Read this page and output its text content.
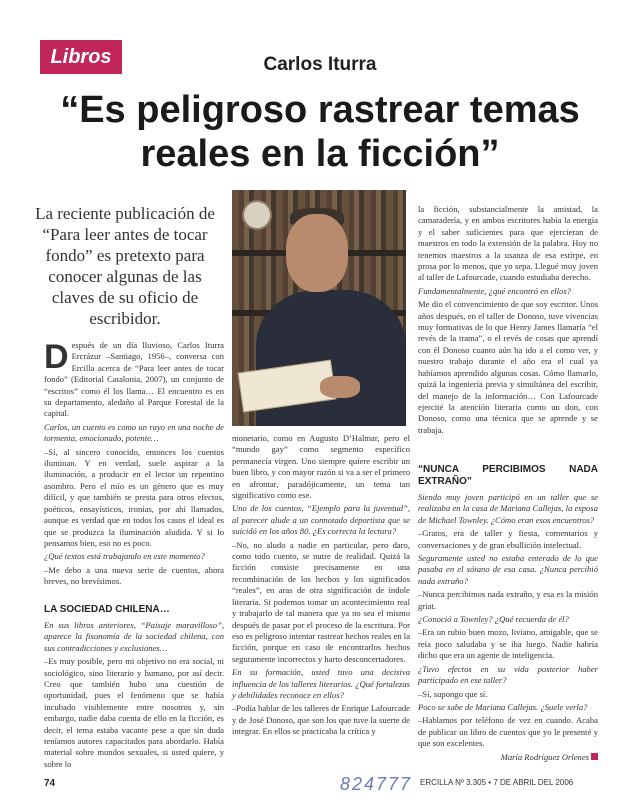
Libros	Carlos Iturra
“Es peligroso rastrear temas reales en la ficción”
La reciente publicación de “Para leer antes de tocar fondo” es pretexto para conocer algunas de las claves de su oficio de escribidor.

Después de un día lluvioso, Carlos Iturra Ercrázur –Santiago, 1956–, conversa con Ercilla acerca de “Para leer antes de tocar fondo” (Editorial Catalonia, 2007), un conjunto de “escritos” como él los llama… El encuentro es en su departamento, aledaño al Parque Forestal de la capital.

Carlos, un cuento es como un rayo en una noche de tormenta, emocionado, potente…

–Sí, al sincero conocido, entonces los cuentos iluminan. Y en verdad, suele aspirar a la iluminación, a producir en el lector un repentino asombro. Pero el mío es un género que es muy difícil, y que también se presta para otros efectos, poéticos, ensayísticos, ironías, por ahí llamados, aunque es verdad que en todos los casos el ideal es que se produzca la iluminación aludida. Y si lo pensamos bien, eso no es poco.

¿Qué textos está trabajando en este momento?

–Me debo a una nueva serie de cuentos, ahora breves, no brevísimos.

LA SOCIEDAD CHILENA…

En sus libros anteriores, “Paisaje maravilloso”, aparece la fisonomía de la sociedad chilena, con sus contradicciones y exclusiones…

–Es muy posible, pero mi objetivo no era social, ni sociológico, sino literario y humano, por así decir. Creo que también hubo una cuestión de oportunidad, pues el fenómeno que se había incubado visiblemente entre nosotros y, sin embargo, nadie daba cuenta de ello en la ficción, es decir, el tema estaba vacante pese a que sin duda teníamos autores capacitados para abordarlo. Había material sobre mundos sexuales, si usted quiere, y sobre lo

monetario, como en Augusto D’Halmar, pero el “mundo gay” como segmento específico permanecía virgen. Uno siempre quiere escribir un buen libro, y con mayor razón si va a ser el primero en afrontar, paradójicamente, un tema tan significativo como ese.

Uno de los cuentos, “Ejemplo para la juventud”, al parecer alude a un connotado deportista que se suicidó en los años 80. ¿Es correcta la lectura?

–No, no aludo a nadie en particular, pero daro, como todo cuento, se nutre de realidad. Quizá la ficción consiste precisamente en una recombinación de los hechos y los significados “reales”, en aras de otra significación de índole literaria. Si podemos tomar un acontecimiento real y trabajarlo de tal manera que ya no sea el mismo después de pasar por el proceso de la escritura. Por eso es peligroso intentar rastrear hechos reales en la ficción, porque en caso de encontrarlos hechos seguramente incorrectos y harto desconcertadores.

En su formación, usted tuvo una decisiva influencia de los talleres literarios. ¿Qué fortalezas y debilidades reconoce en ellos?

–Podía hablar de los talleres de Enrique Lafourcade y de José Donoso, que son los que tuve la suerte de integrar. En ellos se practicaba la crítica y

la ficción, substancialmente la amistad, la camaradería, y en ambos escritores había la energía y el saber suficientes para que ejercieran de maestros en todo la extensión de la palabra. Hoy no tenemos maestros a la usanza de esa estirpe, en prosa por lo menos, que yo sepa. Llegué muy joven al taller de Lafourcade, cuando estudiaba derecho.

Fundamentalmente, ¿qué encontró en ellos?

Me dio el convencimiento de que soy escritor. Unos años después, en el taller de Donoso, tuve vivencias muy formativas de lo que Henry James llamaría “el revés de la trama”, o el revés de cosas que aprendí con él Donoso cuanto aún ha ido a el como ver, y nuestro trabajo durante el año era el cual ya habíamos aprendido algunas cosas. Cómo llamarlo, quizá la ingeniería previa y simultánea del escribir, del manejo de la información… Con Lafourcade ejercité la atención literaria como un don, con Donoso, como una técnica que se aprende y se trabaja.

“NUNCA PERCIBIMOS NADA EXTRAÑO”

Siendo muy joven participó en un taller que se realizaba en la casa de Mariana Callejas, la esposa de Michael Townley. ¿Cómo eran esos encuentros?

–Gratos, era de taller y fiesta, comentarios y conversaciones y de gran ebullición intelectual.

Seguramente usted no estaba enterado de lo que pasaba en el sótano de esa casa. ¿Nunca percibió nada extraño?

–Nunca percibimos nada extraño, y esa es la misión griat.

¿Conoció a Townley? ¿Qué recuerda de él?

–Era un rubio buen mozo, liviano, amigable, que se reía poco saludaba y se iba luego. Nadie habría dicho que era un agente de inteligencia.

¿Tuvo efectos en su vida posterior haber participado en ese taller?

–Sí, supongo que sí.

Poco se sabe de Mariana Callejas. ¿Suele verla?

–Hablamos por teléfono de vez en cuando. Acaba de publicar un libro de cuentos que yo le presenté y que son excelentes.

María Rodríguez Orlenes

74	824777 ERCILLA Nº 3.305 • 7 DE ABRIL DEL 2006
